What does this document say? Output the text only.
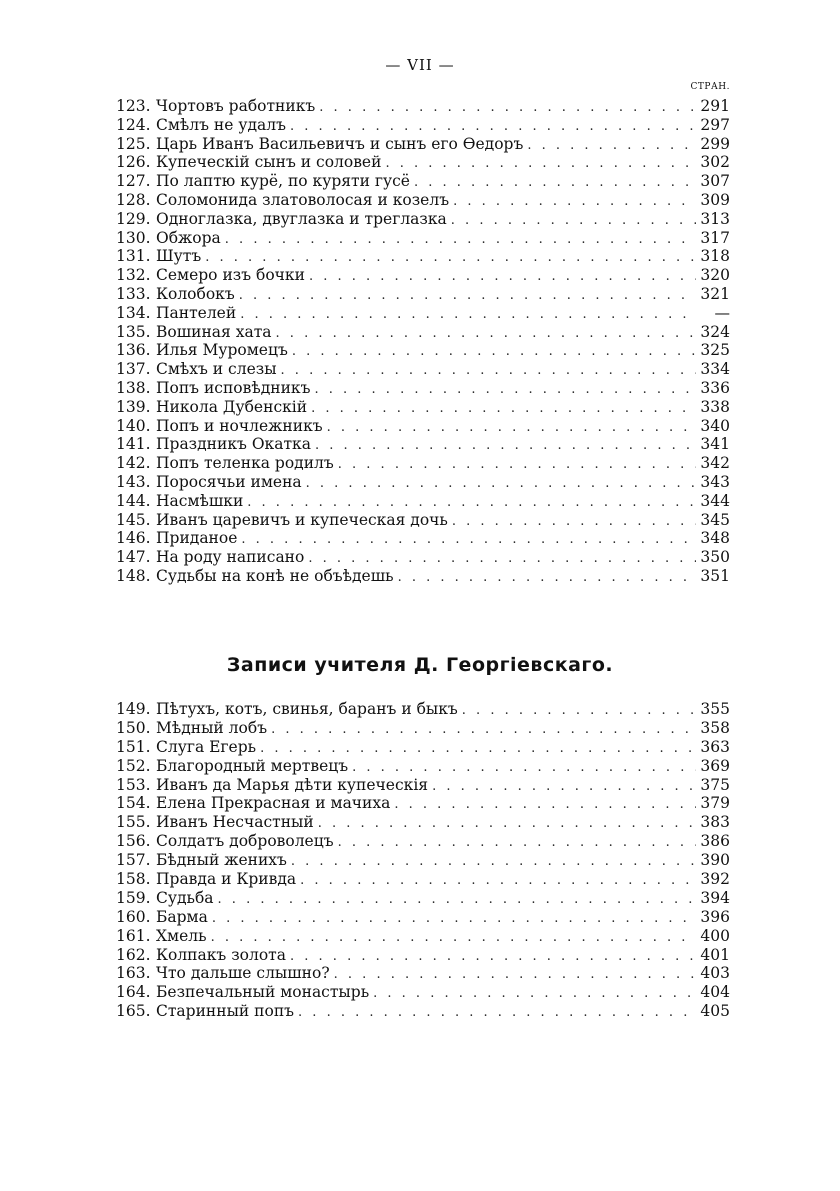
— VII —
СТРАН.
123. Чортовъ работникъ . . .	291
124. Смѣлъ не удалъ . . .	297
125. Царь Иванъ Васильевичъ и сынъ его Өедоръ . . .	299
126. Купеческій сынъ и соловей . . .	302
127. По лаптю курё, по куряти гусё . . .	307
128. Соломонида златоволосая и козелъ . . .	309
129. Одноглазка, двуглазка и треглазка . . .	313
130. Обжора . . .	317
131. Шутъ . . .	318
132. Семеро изъ бочки . . .	320
133. Колобокъ . . .	321
134. Пантелей . . .	—
135. Вошиная хата . . .	324
136. Илья Муромецъ . . .	325
137. Смѣхъ и слезы . . .	334
138. Попъ исповѣдникъ . . .	336
139. Никола Дубенскій . . .	338
140. Попъ и ночлежникъ . . .	340
141. Праздникъ Окатка . . .	341
142. Попъ теленка родилъ . . .	342
143. Поросячьи имена . . .	343
144. Насмѣшки . . .	344
145. Иванъ царевичъ и купеческая дочь . . .	345
146. Приданое . . .	348
147. На роду написано . . .	350
148. Судьбы на конѣ не объѣдешь . . .	351
Записи учителя Д. Георгіевскаго.
149. Пѣтухъ, котъ, свинья, баранъ и быкъ . . .	355
150. Мѣдный лобъ . . .	358
151. Слуга Егерь . . .	363
152. Благородный мертвецъ . . .	369
153. Иванъ да Марья дѣти купеческія . . .	375
154. Елена Прекрасная и мачиха . . .	379
155. Иванъ Несчастный . . .	383
156. Солдатъ доброволецъ . . .	386
157. Бѣдный женихъ . . .	390
158. Правда и Кривда . . .	392
159. Судьба . . .	394
160. Барма . . .	396
161. Хмель . . .	400
162. Колпакъ золота . . .	401
163. Что дальше слышно? . . .	403
164. Безпечальный монастырь . . .	404
165. Старинный попъ . . .	405
